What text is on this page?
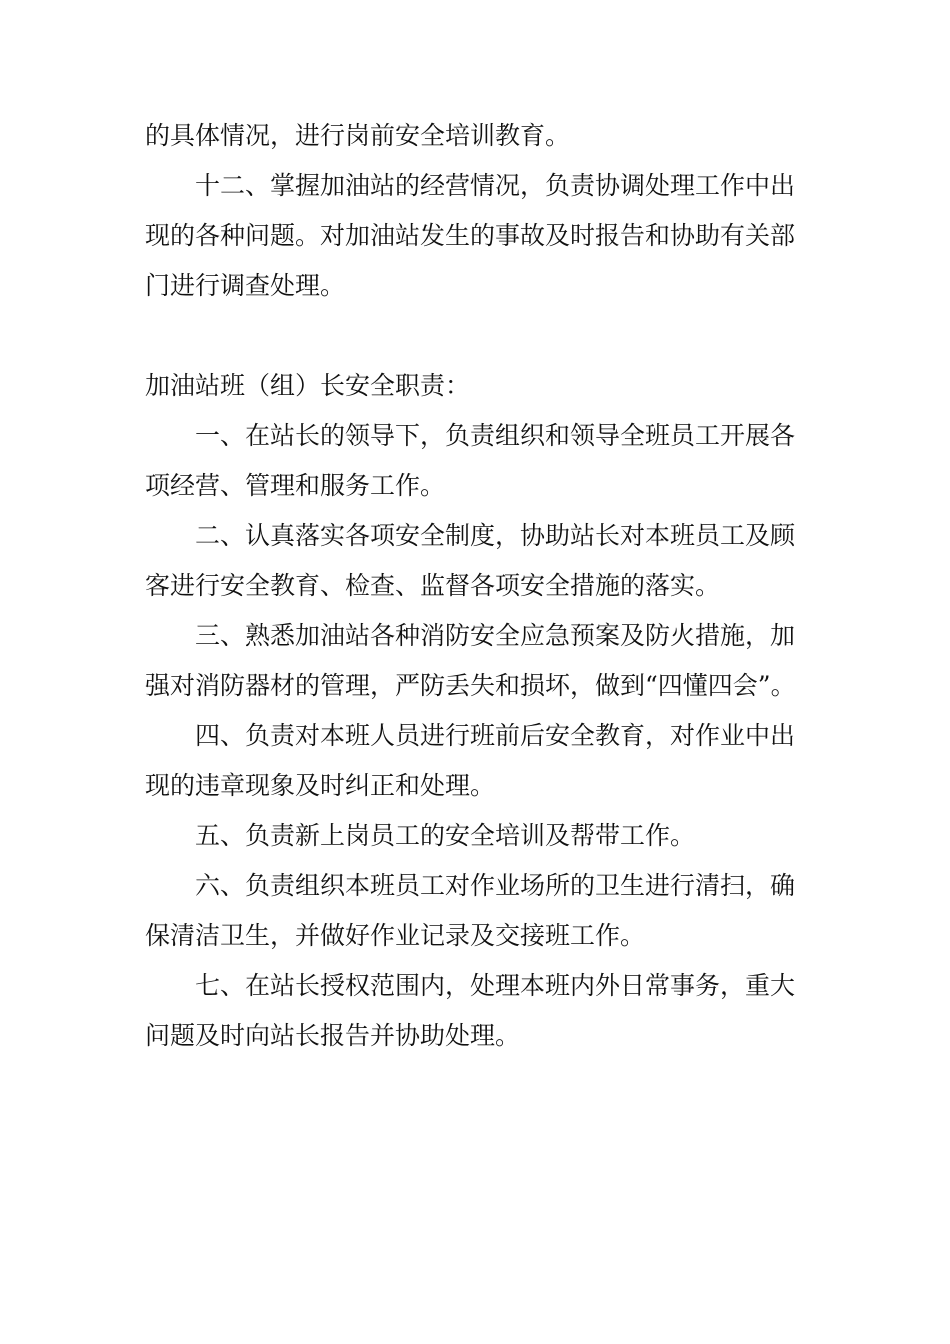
的具体情况，进行岗前安全培训教育。
十二、掌握加油站的经营情况，负责协调处理工作中出
现的各种问题。对加油站发生的事故及时报告和协助有关部
门进行调查处理。
加油站班（组）长安全职责：
一、在站长的领导下，负责组织和领导全班员工开展各
项经营、管理和服务工作。
二、认真落实各项安全制度，协助站长对本班员工及顾
客进行安全教育、检查、监督各项安全措施的落实。
三、熟悉加油站各种消防安全应急预案及防火措施，加
强对消防器材的管理，严防丢失和损坏，做到“四懂四会”。
四、负责对本班人员进行班前后安全教育，对作业中出
现的违章现象及时纠正和处理。
五、负责新上岗员工的安全培训及帮带工作。
六、负责组织本班员工对作业场所的卫生进行清扫，确
保清洁卫生，并做好作业记录及交接班工作。
七、在站长授权范围内，处理本班内外日常事务，重大
问题及时向站长报告并协助处理。
